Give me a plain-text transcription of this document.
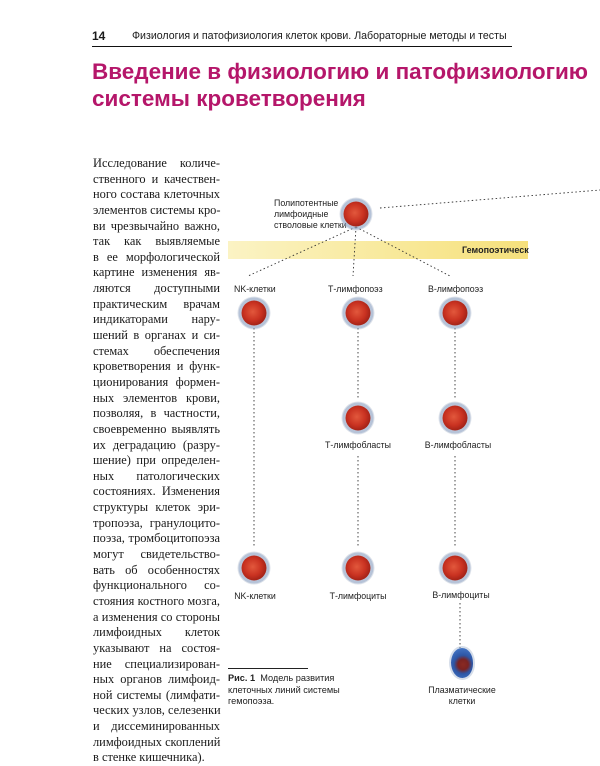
14	Физиология и патофизиология клеток крови. Лабораторные методы и тесты
Введение в физиологию и патофизиологию
системы кроветворения
Исследование количе-
ственного и качествен-
ного состава клеточных
элементов системы кро-
ви чрезвычайно важно,
так как выявляемые
в ее морфологической
картине изменения яв-
ляются доступными
практическим врачам
индикаторами нару-
шений в органах и си-
стемах обеспечения
кроветворения и функ-
ционирования формен-
ных элементов крови,
позволяя, в частности,
своевременно выявлять
их деградацию (разру-
шение) при определен-
ных патологических
состояниях. Изменения
структуры клеток эри-
тропоэза, гранулоцито-
поэза, тромбоцитопоэза
могут свидетельство-
вать об особенностях
функционального со-
стояния костного мозга,
а изменения со стороны
лимфоидных клеток
указывают на состоя-
ние специализирован-
ных органов лимфоид-
ной системы (лимфати-
ческих узлов, селезенки
и диссеминированных
лимфоидных скоплений
в стенке кишечника).
Гемопоэтическ
Полипотентные
лимфоидные
стволовые клетки
NK-клетки	Т-лимфопоэз	В-лимфопоэз
Т-лимфобласты	В-лимфобласты
NK-клетки	Т-лимфоциты	В-лимфоциты
Плазматические
клетки
Рис. 1 Модель развития
клеточных линий системы
гемопоэза.
